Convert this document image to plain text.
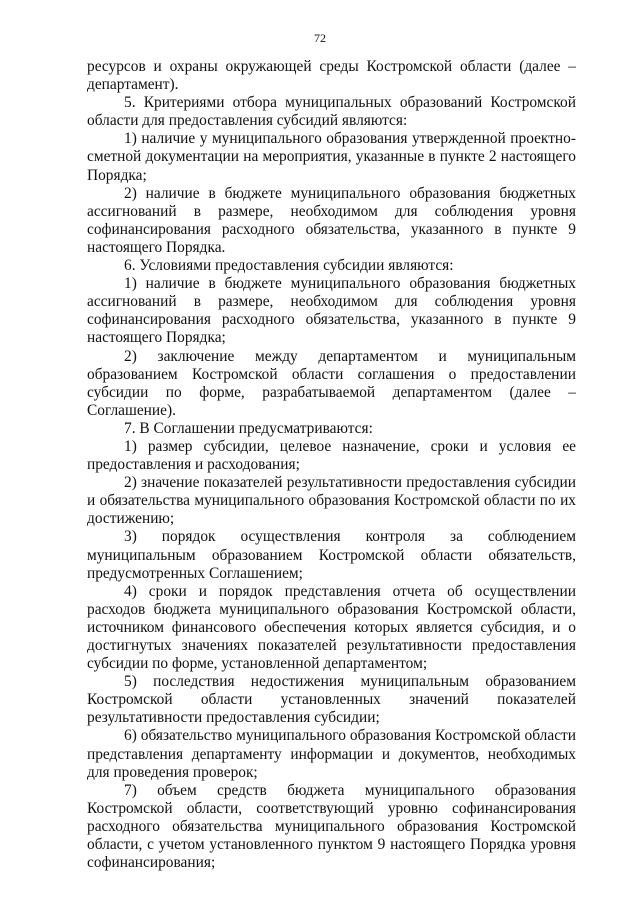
72

ресурсов и охраны окружающей среды Костромской области (далее – департамент).

5. Критериями отбора муниципальных образований Костромской области для предоставления субсидий являются:

1) наличие у муниципального образования утвержденной проектно-сметной документации на мероприятия, указанные в пункте 2 настоящего Порядка;

2) наличие в бюджете муниципального образования бюджетных ассигнований в размере, необходимом для соблюдения уровня софинансирования расходного обязательства, указанного в пункте 9 настоящего Порядка.

6. Условиями предоставления субсидии являются:

1) наличие в бюджете муниципального образования бюджетных ассигнований в размере, необходимом для соблюдения уровня софинансирования расходного обязательства, указанного в пункте 9 настоящего Порядка;

2) заключение между департаментом и муниципальным образованием Костромской области соглашения о предоставлении субсидии по форме, разрабатываемой департаментом (далее – Соглашение).

7. В Соглашении предусматриваются:

1) размер субсидии, целевое назначение, сроки и условия ее предоставления и расходования;

2) значение показателей результативности предоставления субсидии и обязательства муниципального образования Костромской области по их достижению;

3) порядок осуществления контроля за соблюдением муниципальным образованием Костромской области обязательств, предусмотренных Соглашением;

4) сроки и порядок представления отчета об осуществлении расходов бюджета муниципального образования Костромской области, источником финансового обеспечения которых является субсидия, и о достигнутых значениях показателей результативности предоставления субсидии по форме, установленной департаментом;

5) последствия недостижения муниципальным образованием Костромской области установленных значений показателей результативности предоставления субсидии;

6) обязательство муниципального образования Костромской области представления департаменту информации и документов, необходимых для проведения проверок;

7) объем средств бюджета муниципального образования Костромской области, соответствующий уровню софинансирования расходного обязательства муниципального образования Костромской области, с учетом установленного пунктом 9 настоящего Порядка уровня софинансирования;
